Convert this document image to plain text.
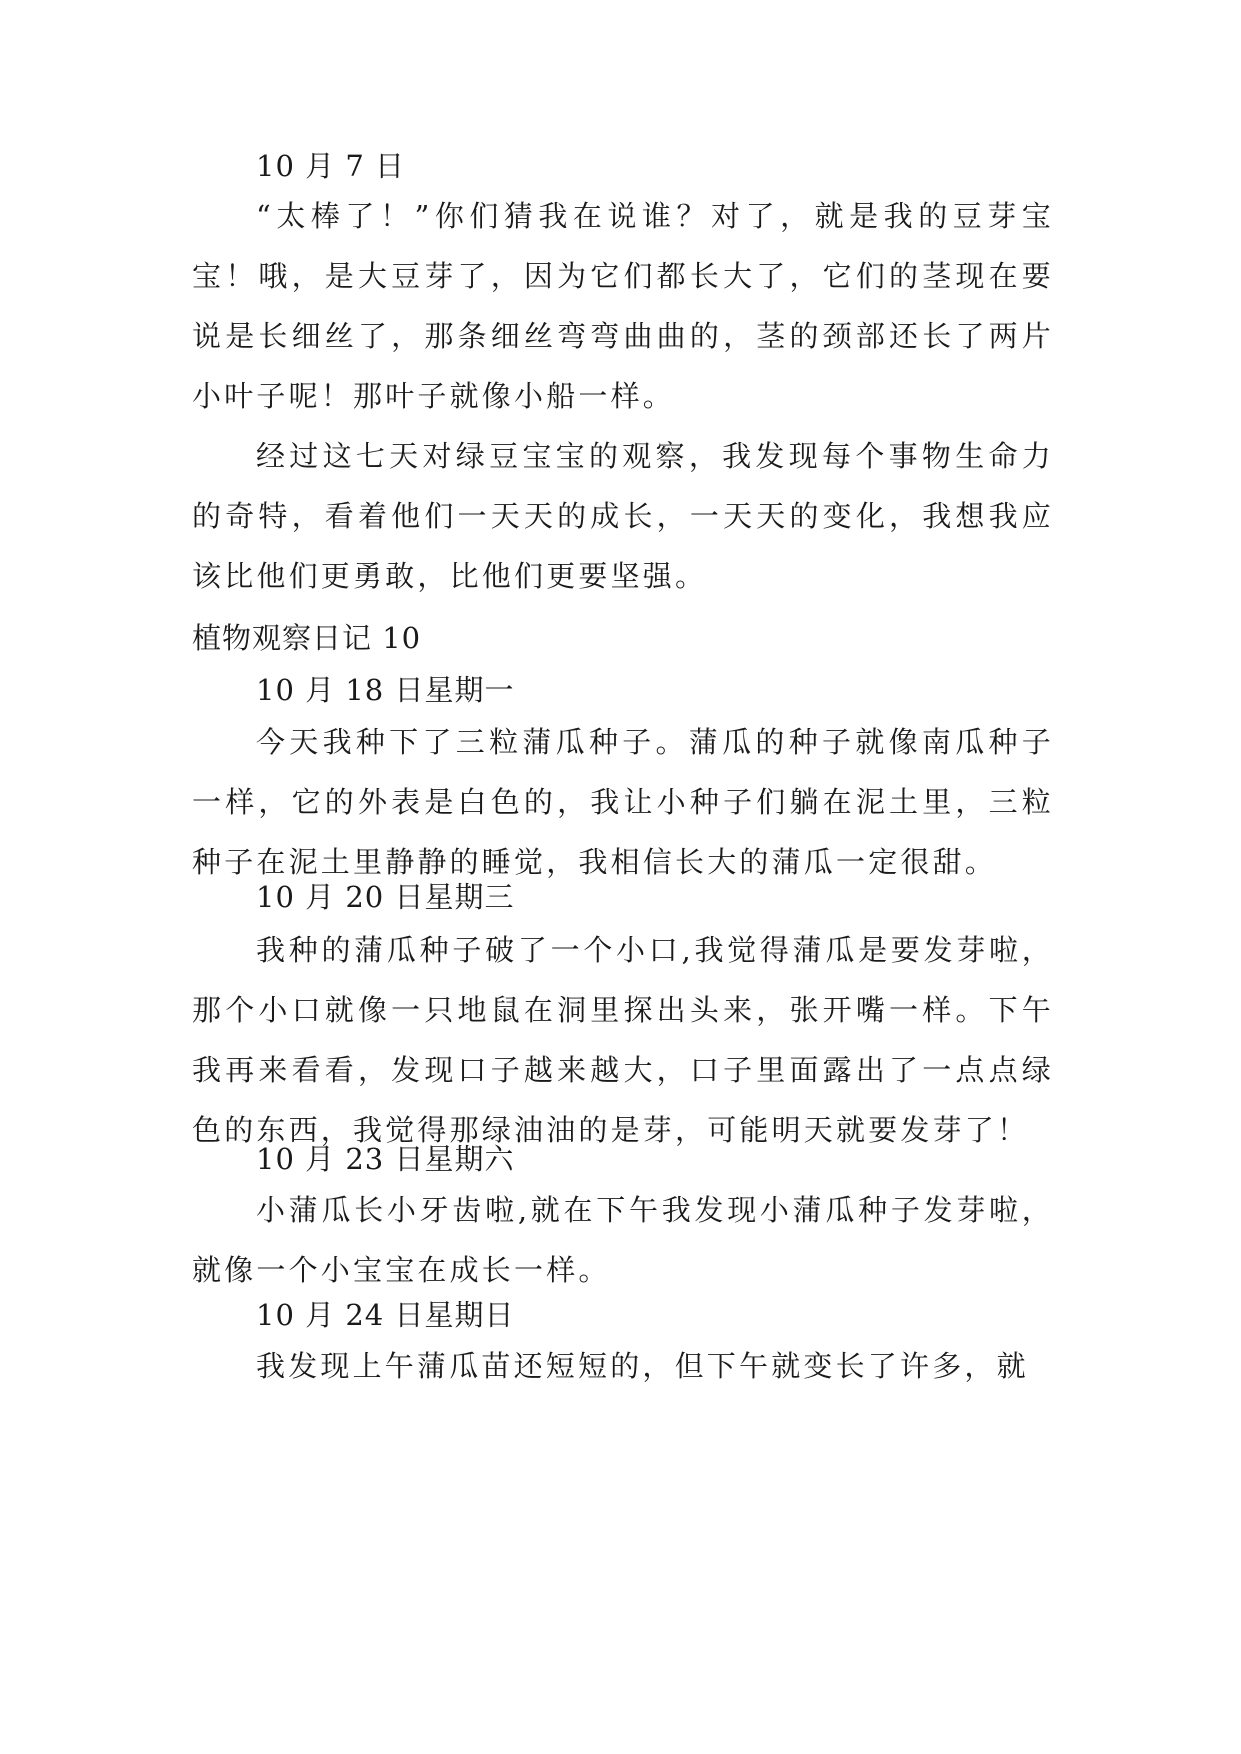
10 月 7 日
“太棒了！”你们猜我在说谁？对了，就是我的豆芽宝宝！哦，是大豆芽了，因为它们都长大了，它们的茎现在要说是长细丝了，那条细丝弯弯曲曲的，茎的颈部还长了两片小叶子呢！那叶子就像小船一样。
经过这七天对绿豆宝宝的观察，我发现每个事物生命力的奇特，看着他们一天天的成长，一天天的变化，我想我应该比他们更勇敢，比他们更要坚强。
植物观察日记 10
10 月 18 日星期一
今天我种下了三粒蒲瓜种子。蒲瓜的种子就像南瓜种子一样，它的外表是白色的，我让小种子们躺在泥土里，三粒种子在泥土里静静的睡觉，我相信长大的蒲瓜一定很甜。
10 月 20 日星期三
我种的蒲瓜种子破了一个小口,我觉得蒲瓜是要发芽啦，那个小口就像一只地鼠在洞里探出头来，张开嘴一样。下午我再来看看，发现口子越来越大，口子里面露出了一点点绿色的东西，我觉得那绿油油的是芽，可能明天就要发芽了！
10 月 23 日星期六
小蒲瓜长小牙齿啦,就在下午我发现小蒲瓜种子发芽啦，就像一个小宝宝在成长一样。
10 月 24 日星期日
我发现上午蒲瓜苗还短短的，但下午就变长了许多，就
